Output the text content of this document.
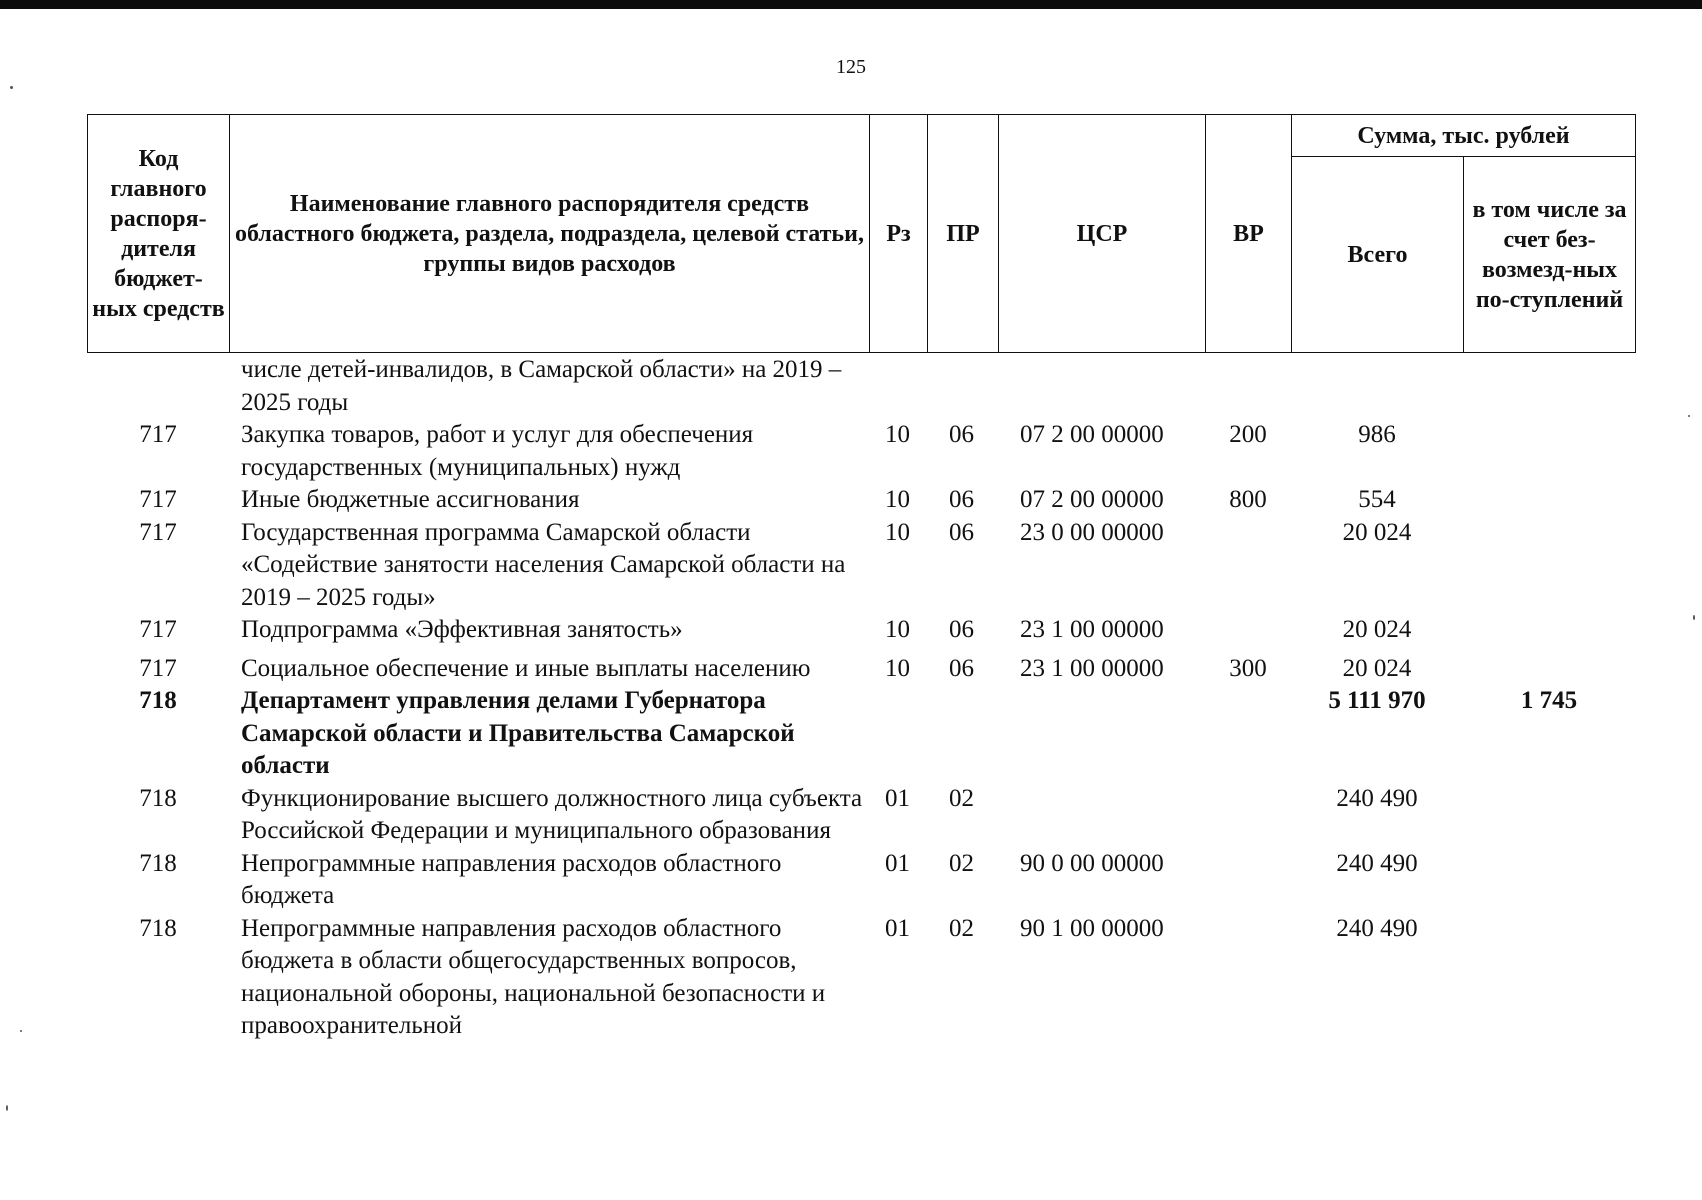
125
Код главного распоря-дителя бюджет-ных средств	Наименование главного распорядителя средств областного бюджета, раздела, подраздела, целевой статьи, группы видов расходов	Рз	ПР	ЦСР	ВР	Сумма, тыс. рублей	
						Всего	в том числе за счет без-возмезд-ных по-ступлений
	числе детей-инвалидов, в Самарской области» на 2019 – 2025 годы						
717	Закупка товаров, работ и услуг для обеспечения государственных (муниципальных) нужд	10	06	07 2 00 00000	200	986	
717	Иные бюджетные ассигнования	10	06	07 2 00 00000	800	554	
717	Государственная программа Самарской области «Содействие занятости населения Самарской области на 2019 – 2025 годы»	10	06	23 0 00 00000		20 024	
717	Подпрограмма «Эффективная занятость»	10	06	23 1 00 00000		20 024	
717	Социальное обеспечение и иные выплаты населению	10	06	23 1 00 00000	300	20 024	
718	Департамент управления делами Губернатора Самарской области и Правительства Самарской области					5 111 970	1 745
718	Функционирование высшего должностного лица субъекта Российской Федерации и муниципального образования	01	02			240 490	
718	Непрограммные направления расходов областного бюджета	01	02	90 0 00 00000		240 490	
718	Непрограммные направления расходов областного бюджета в области общегосударственных вопросов, национальной обороны, национальной безопасности и правоохранительной	01	02	90 1 00 00000		240 490	
